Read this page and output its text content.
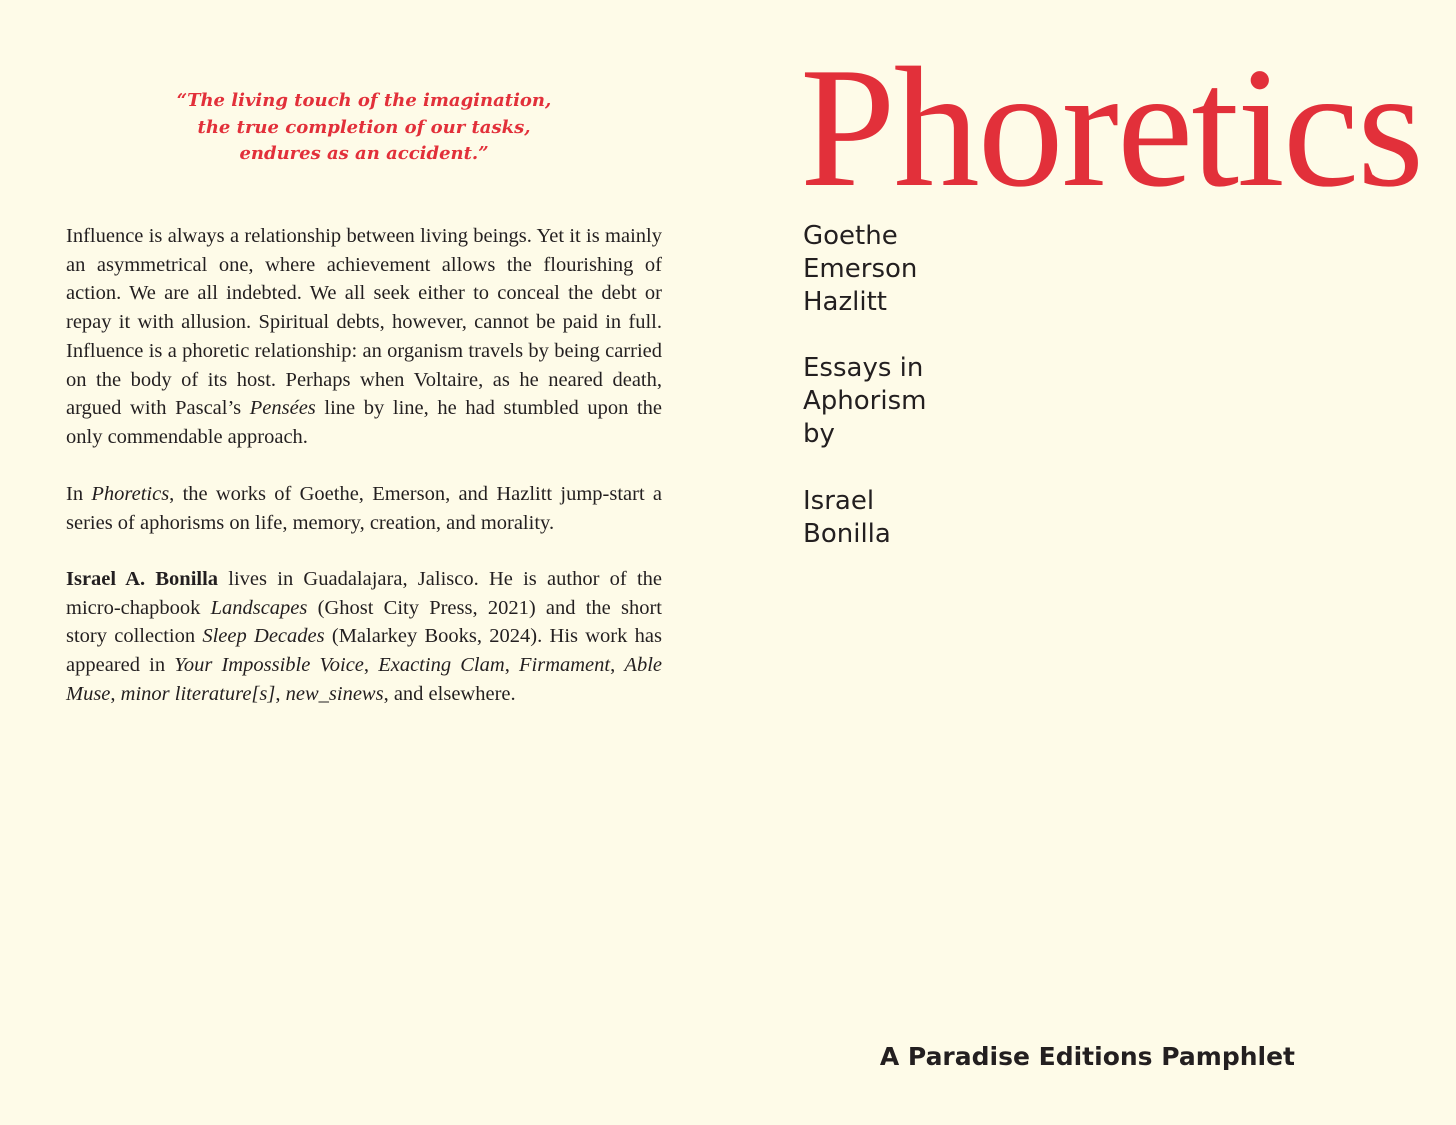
“The living touch of the imagination,
the true completion of our tasks,
endures as an accident.”

Influence is always a relationship between living beings. Yet it is mainly an asymmetrical one, where achievement allows the flourishing of action. We are all indebted. We all seek either to conceal the debt or repay it with allusion. Spiritual debts, however, cannot be paid in full. Influence is a phoretic relationship: an organism travels by being carried on the body of its host. Perhaps when Voltaire, as he neared death, argued with Pascal’s Pensées line by line, he had stumbled upon the only commendable approach.

In Phoretics, the works of Goethe, Emerson, and Hazlitt jump-start a series of aphorisms on life, memory, creation, and morality.

Israel A. Bonilla lives in Guadalajara, Jalisco. He is author of the micro-chapbook Landscapes (Ghost City Press, 2021) and the short story collection Sleep Decades (Malarkey Books, 2024). His work has appeared in Your Impossible Voice, Exacting Clam, Firmament, Able Muse, minor literature[s], new_sinews, and elsewhere.

Phoretics
Goethe
Emerson
Hazlitt
Essays in
Aphorism
by
Israel
Bonilla
A Paradise Editions Pamphlet
